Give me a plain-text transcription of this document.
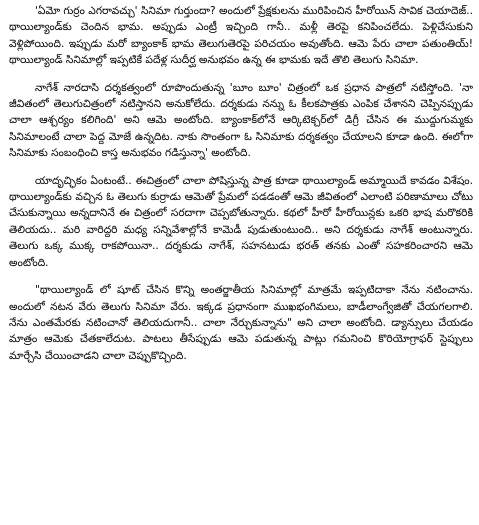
'ఏమో గుర్రం ఎగరావచ్చు' సినిమా గుర్తుందా? అందులో ప్రేక్షకులను మురిపించిన హీరోయిన్ సావిక చెయాదెజ్.. థాయిల్యాండ్‌కు చెందిన భామ. అప్పుడు ఎంట్రీ ఇచ్చింది గానీ.. మళ్లీ తెరపై కనిపించలేదు. పెళ్లిచేసుకుని వెళ్లిపోయింది. ఇప్పుడు మరో బ్యాంకాక్ భామ తెలుగుతెరపై పరిచయం అవుతోంది. ఆమె పేరు చాలా పతుంతియ్! థాయిల్యాండ్ సినిమాల్లో ఇప్పటికే పదేళ్ల సుదీర్ఘ అనుభవం ఉన్న ఈ భామకు ఇదే తొలి తెలుగు సినిమా.

నాగేశ్ నారదాసి దర్శకత్వంలో రూపొందుతున్న 'బూం బూం' చిత్రంలో ఒక ప్రధాన పాత్రలో నటిస్తోంది. 'నా జీవితంలో తెలుగుచిత్రంలో నటిస్తానని అనుకోలేదు. దర్శకుడు నన్ను ఓ కీలకపాత్రకు ఎంపిక చేశానని చెప్పినప్పుడు చాలా ఆశ్చర్యం కలిగింది' అని ఆమె అంటోంది. బ్యాంకాక్‌లోనే ఆర్కిటెక్చర్‌లో డిగ్రీ చేసిన ఈ ముద్దుగుమ్మకు సినిమాలంటే చాలా పెద్ద మోజే ఉన్నదిట. నాకు సొంతంగా ఓ సినిమాకు దర్శకత్వం చేయాలని కూడా ఉంది. ఈలోగా సినిమాకు సంబంధించి కాస్త అనుభవం గడిస్తున్నా' అంటోంది.

యాదృచ్ఛికం ఏంటంటే.. ఈచిత్రంలో చాలా పోషిస్తున్న పాత్ర కూడా థాయిల్యాండ్ అమ్మాయిదే కావడం విశేషం. థాయిల్యాండ్‌కు వచ్చిన ఓ తెలుగు కుర్రాడు ఆమెతో ప్రేమలో పడడంతో ఆమె జీవితంలో ఎలాంటి పరిణామాలు చోటు చేసుకున్నాయి అన్నదానినే ఈ చిత్రంలో సరదాగా చెప్పబోతున్నారు. కథలో హీరో హీరోయిన్లకు ఒకరి భాష మరొకరికి తెలియదు.. మరి వారిద్దరి మధ్య సన్నివేశాల్లోనే కామెడీ పుడుతుంటుంది.. అని దర్శకుడు నాగేశ్ అంటున్నారు. తెలుగు ఒక్క ముక్క రాకపోయినా.. దర్శకుడు నాగేశ్, సహనటుడు భరత్ తనకు ఎంతో సహకరించారని ఆమె అంటోంది.

"థాయిల్యాండ్ లో షూట్ చేసిన కొన్ని అంతర్జాతీయ సినిమాల్లో మాత్రమే ఇప్పటిదాకా నేను నటించాను. అందులో నటన వేరు తెలుగు సినిమా వేరు. ఇక్కడ ప్రధానంగా ముఖభంగిమలు, బాడీలాంగ్వేజితో చేయగలగాలి. నేను ఎంతమేరకు నటించానో తెలియదుగానీ.. చాలా నేర్చుకున్నాను" అని చాలా అంటోంది. డ్యాన్సులు చేయడం మాత్రం ఆమెకు చేతకాలేదుట. పాటలు తీసేప్పుడు ఆమె పడుతున్న పాట్లు గమనించి కొరియోగ్రాఫర్ స్టెప్పులు మార్చేసి చేయించాడని చాలా చెప్పుకొచ్చింది.
